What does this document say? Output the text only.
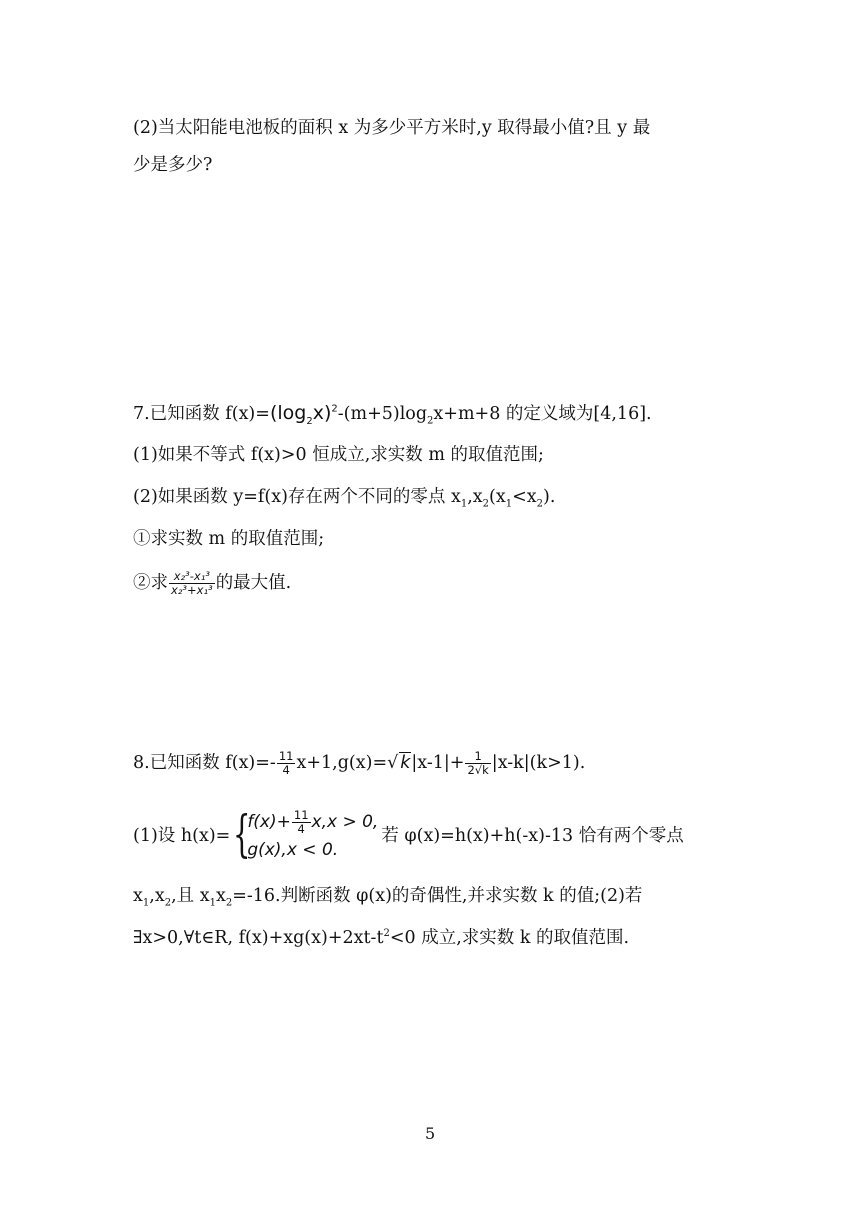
(2)当太阳能电池板的面积 x 为多少平方米时,y 取得最小值?且 y 最
少是多少?
7.已知函数 $f(x)=(\log_2x)^2-(m+5)\log_2x+m+8$ 的定义域为[4,16].
(1)如果不等式 f(x)>0 恒成立,求实数 m 的取值范围;
(2)如果函数 y=f(x)存在两个不同的零点 $x_1,x_2(x_1<x_2)$.
①求实数 m 的取值范围;
②求 $\frac{\text{x₂³-x₁³}}{\text{x₂³+x₁³}}$ 的最大值.
8.已知函数 $f(x)=- \frac{11}{4} x+1,g(x)=√$ $k|x-1|+ \frac{1}{2√k} |x-k|(k>1)$.
(1)设 h(x)= {
$f(x)+ \frac{11}{4} x,x > 0$,
g(x),x < 0.
若 φ(x)=h(x)+h(-x)-13 恰有两个零点
$x_1,x_2$,且 $x_1x_2=-16$.判断函数 φ(x)的奇偶性,并求实数 k 的值;(2)若
∃x>0,∀t∈R, $f(x)+xg(x)+2xt-t^2<0$ 成立,求实数 k 的取值范围.
5
